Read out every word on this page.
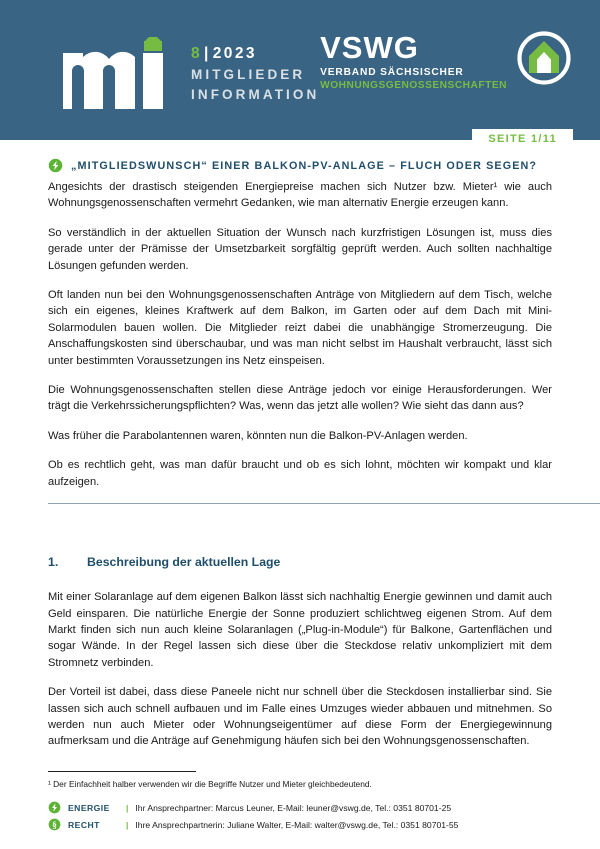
8 | 2023
MITGLIEDER
INFORMATION
VSWG
VERBAND SÄCHSISCHER
WOHNUNGSGENOSSENSCHAFTEN
SEITE 1/11
„MITGLIEDSWUNSCH“ EINER BALKON-PV-ANLAGE – FLUCH ODER SEGEN?

Angesichts der drastisch steigenden Energiepreise machen sich Nutzer bzw. Mieter¹ wie auch Wohnungsgenossenschaften vermehrt Gedanken, wie man alternativ Energie erzeugen kann.

So verständlich in der aktuellen Situation der Wunsch nach kurzfristigen Lösungen ist, muss dies gerade unter der Prämisse der Umsetzbarkeit sorgfältig geprüft werden. Auch sollten nachhaltige Lösungen gefunden werden.

Oft landen nun bei den Wohnungsgenossenschaften Anträge von Mitgliedern auf dem Tisch, welche sich ein eigenes, kleines Kraftwerk auf dem Balkon, im Garten oder auf dem Dach mit Mini-Solarmodulen bauen wollen. Die Mitglieder reizt dabei die unabhängige Stromerzeugung. Die Anschaffungskosten sind überschaubar, und was man nicht selbst im Haushalt verbraucht, lässt sich unter bestimmten Voraussetzungen ins Netz einspeisen.

Die Wohnungsgenossenschaften stellen diese Anträge jedoch vor einige Herausforderungen. Wer trägt die Verkehrssicherungspflichten? Was, wenn das jetzt alle wollen? Wie sieht das dann aus?

Was früher die Parabolantennen waren, könnten nun die Balkon-PV-Anlagen werden.

Ob es rechtlich geht, was man dafür braucht und ob es sich lohnt, möchten wir kompakt und klar aufzeigen.

1.	Beschreibung der aktuellen Lage

Mit einer Solaranlage auf dem eigenen Balkon lässt sich nachhaltig Energie gewinnen und damit auch Geld einsparen. Die natürliche Energie der Sonne produziert schlichtweg eigenen Strom. Auf dem Markt finden sich nun auch kleine Solaranlagen („Plug-in-Module“) für Balkone, Gartenflächen und sogar Wände. In der Regel lassen sich diese über die Steckdose relativ unkompliziert mit dem Stromnetz verbinden.

Der Vorteil ist dabei, dass diese Paneele nicht nur schnell über die Steckdosen installierbar sind. Sie lassen sich auch schnell aufbauen und im Falle eines Umzuges wieder abbauen und mitnehmen. So werden nun auch Mieter oder Wohnungseigentümer auf diese Form der Energiegewinnung aufmerksam und die Anträge auf Genehmigung häufen sich bei den Wohnungsgenossenschaften.

¹ Der Einfachheit halber verwenden wir die Begriffe Nutzer und Mieter gleichbedeutend.

ENERGIE	| Ihr Ansprechpartner: Marcus Leuner, E-Mail: leuner@vswg.de, Tel.: 0351 80701-25
§ RECHT	| Ihre Ansprechpartnerin: Juliane Walter, E-Mail: walter@vswg.de, Tel.: 0351 80701-55
